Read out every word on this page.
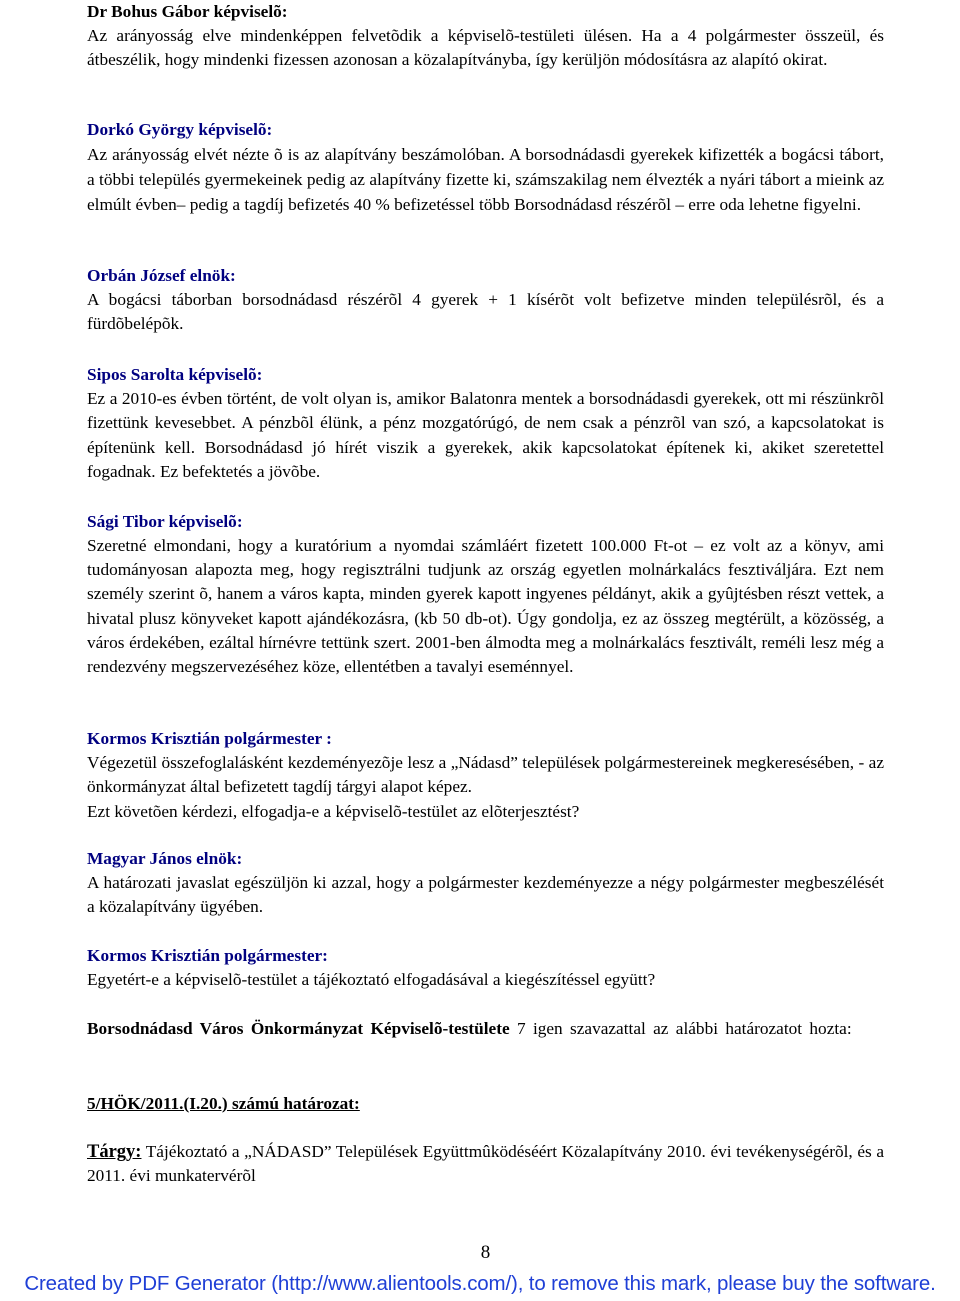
Dr Bohus Gábor képviselõ:

Az arányosság elve mindenképpen felvetõdik a képviselõ-testületi ülésen. Ha a 4 polgármester összeül, és átbeszélik, hogy mindenki fizessen azonosan a közalapítványba, így kerüljön módosításra az alapító okirat.

Dorkó György képviselõ:

Az arányosság elvét nézte õ is az alapítvány beszámolóban. A borsodnádasdi gyerekek kifizették a bogácsi tábort, a többi település gyermekeinek pedig az alapítvány fizette ki, számszakilag nem élvezték a nyári tábort a mieink az elmúlt évben– pedig a tagdíj befizetés 40 % befizetéssel több Borsodnádasd részérõl – erre oda lehetne figyelni.

Orbán József elnök:

A bogácsi táborban borsodnádasd részérõl 4 gyerek + 1 kísérõt volt befizetve minden településrõl, és a fürdõbelépõk.

Sipos Sarolta képviselõ:

Ez a 2010-es évben történt, de volt olyan is, amikor Balatonra mentek a borsodnádasdi gyerekek, ott mi részünkrõl fizettünk kevesebbet. A pénzbõl élünk, a pénz mozgatórúgó, de nem csak a pénzrõl van szó, a kapcsolatokat is építenünk kell. Borsodnádasd jó hírét viszik a gyerekek, akik kapcsolatokat építenek ki, akiket szeretettel fogadnak. Ez befektetés a jövõbe.

Sági Tibor képviselõ:

Szeretné elmondani, hogy a kuratórium a nyomdai számláért fizetett 100.000 Ft-ot – ez volt az a könyv, ami tudományosan alapozta meg, hogy regisztrálni tudjunk az ország egyetlen molnárkalács fesztiváljára. Ezt nem személy szerint õ, hanem a város kapta, minden gyerek kapott ingyenes példányt, akik a gyûjtésben részt vettek, a hivatal plusz könyveket kapott ajándékozásra, (kb 50 db-ot). Úgy gondolja, ez az összeg megtérült, a közösség, a város érdekében, ezáltal hírnévre tettünk szert. 2001-ben álmodta meg a molnárkalács fesztivált, reméli lesz még a rendezvény megszervezéséhez köze, ellentétben a tavalyi eseménnyel.

Kormos Krisztián polgármester :

Végezetül összefoglalásként kezdeményezõje lesz a „Nádasd” települések polgármestereinek megkeresésében, - az önkormányzat által befizetett tagdíj tárgyi alapot képez.

Ezt követõen kérdezi, elfogadja-e a képviselõ-testület az elõterjesztést?

Magyar János elnök:

A határozati javaslat egészüljön ki azzal, hogy a polgármester kezdeményezze a négy polgármester megbeszélését a közalapítvány ügyében.

Kormos Krisztián polgármester:

Egyetért-e a képviselõ-testület a tájékoztató elfogadásával a kiegészítéssel együtt?

Borsodnádasd Város Önkormányzat Képviselõ-testülete 7 igen szavazattal az alábbi határozatot hozta:

5/HÖK/2011.(I.20.) számú határozat:

Tárgy: Tájékoztató a „NÁDASD” Települések Együttmûködéséért Közalapítvány 2010. évi tevékenységérõl, és a 2011. évi munkatervérõl

8
Created by PDF Generator (http://www.alientools.com/), to remove this mark, please buy the software.
